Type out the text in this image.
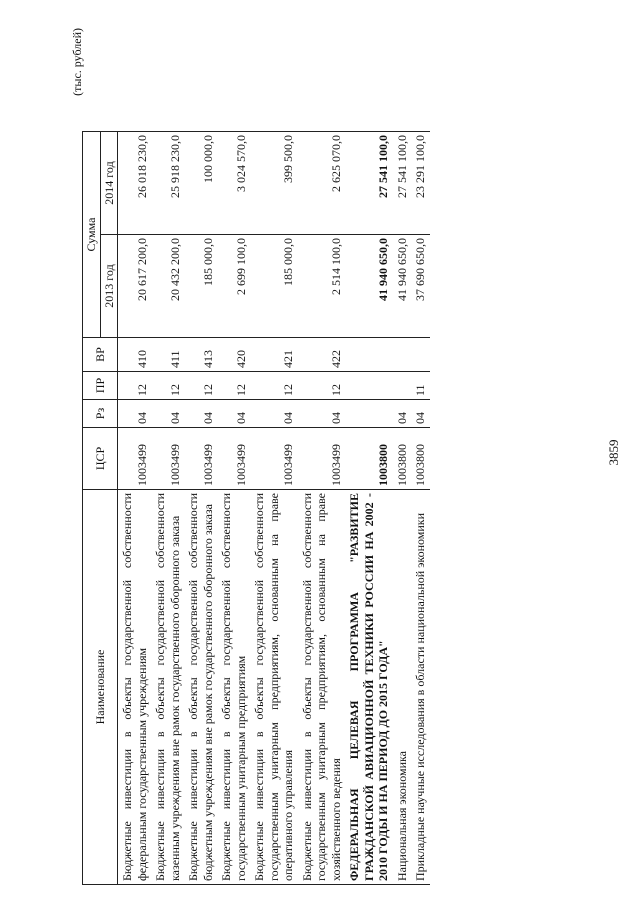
3859
(тыс. рублей)
Наименование	ЦСР	Рз	ПР	ВР	Сумма	
					2013 год	2014 год
Бюджетные инвестиции в объекты государственной собственности федеральным государственным учреждениям	1003499	04	12	410	20 617 200,0	26 018 230,0
Бюджетные инвестиции в объекты государственной собственности казенным учреждениям вне рамок государственного оборонного заказа	1003499	04	12	411	20 432 200,0	25 918 230,0
Бюджетные инвестиции в объекты государственной собственности бюджетным учреждениям вне рамок государственного оборонного заказа	1003499	04	12	413	185 000,0	100 000,0
Бюджетные инвестиции в объекты государственной собственности государственным унитарным предприятиям	1003499	04	12	420	2 699 100,0	3 024 570,0
Бюджетные инвестиции в объекты государственной собственности государственным унитарным предприятиям, основанным на праве оперативного управления	1003499	04	12	421	185 000,0	399 500,0
Бюджетные инвестиции в объекты государственной собственности государственным унитарным предприятиям, основанным на праве хозяйственного ведения	1003499	04	12	422	2 514 100,0	2 625 070,0
ФЕДЕРАЛЬНАЯ ЦЕЛЕВАЯ ПРОГРАММА "РАЗВИТИЕ ГРАЖДАНСКОЙ АВИАЦИОННОЙ ТЕХНИКИ РОССИИ НА 2002 - 2010 ГОДЫ И НА ПЕРИОД ДО 2015 ГОДА"	1003800				41 940 650,0	27 541 100,0
Национальная экономика	1003800	04			41 940 650,0	27 541 100,0
Прикладные научные исследования в области национальной экономики	1003800	04	11		37 690 650,0	23 291 100,0
